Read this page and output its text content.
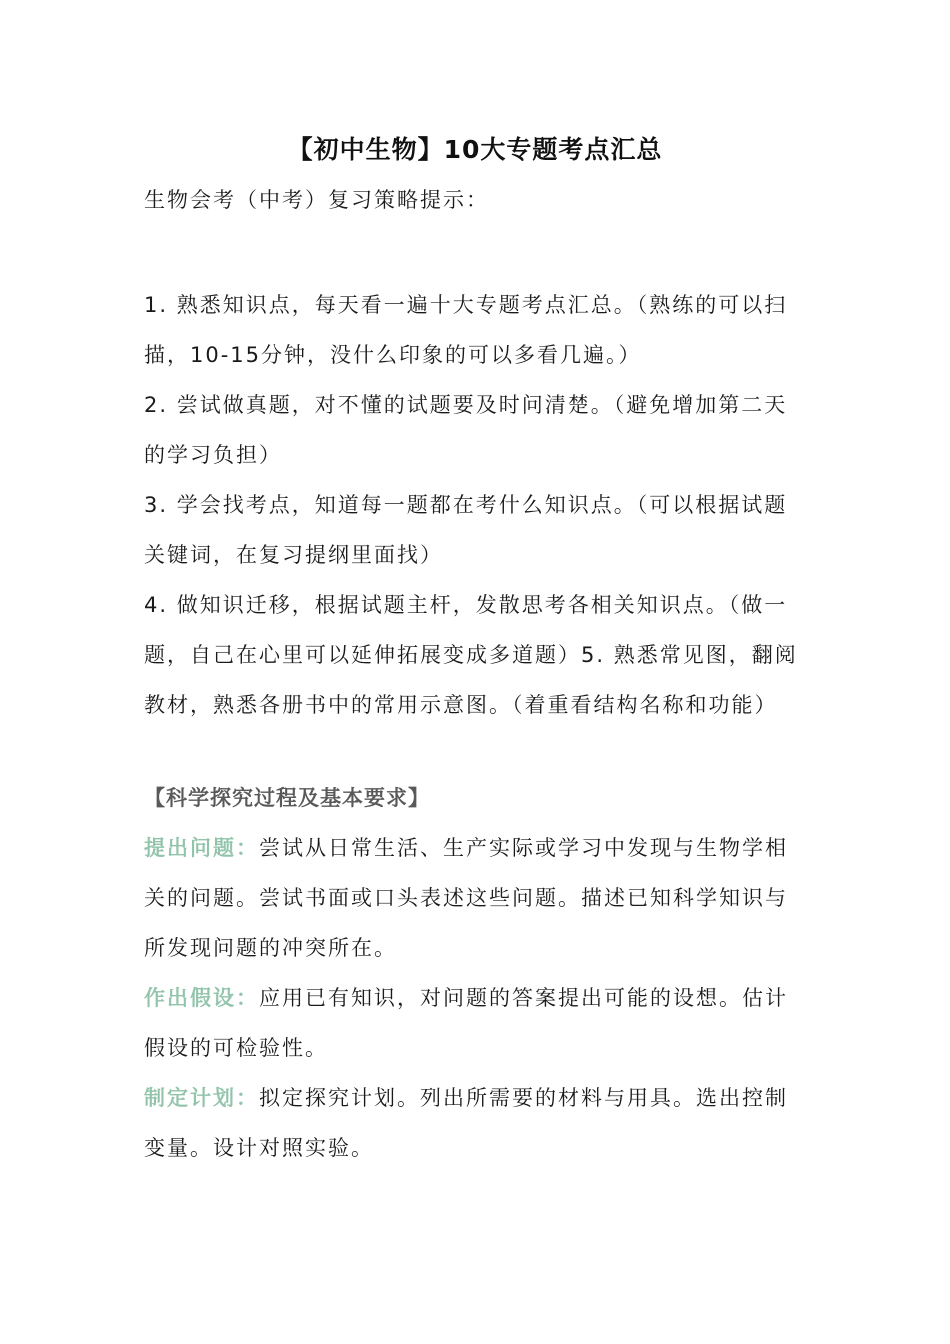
【初中生物】10大专题考点汇总
生物会考（中考）复习策略提示：

1. 熟悉知识点，每天看一遍十大专题考点汇总。（熟练的可以扫描，10-15分钟，没什么印象的可以多看几遍。）

2. 尝试做真题，对不懂的试题要及时问清楚。（避免增加第二天的学习负担）

3. 学会找考点，知道每一题都在考什么知识点。（可以根据试题关键词，在复习提纲里面找）

4. 做知识迁移，根据试题主杆，发散思考各相关知识点。（做一题，自己在心里可以延伸拓展变成多道题）5. 熟悉常见图，翻阅教材，熟悉各册书中的常用示意图。（着重看结构名称和功能）

【科学探究过程及基本要求】

提出问题：尝试从日常生活、生产实际或学习中发现与生物学相关的问题。尝试书面或口头表述这些问题。描述已知科学知识与所发现问题的冲突所在。

作出假设：应用已有知识，对问题的答案提出可能的设想。估计假设的可检验性。

制定计划：拟定探究计划。列出所需要的材料与用具。选出控制变量。设计对照实验。
